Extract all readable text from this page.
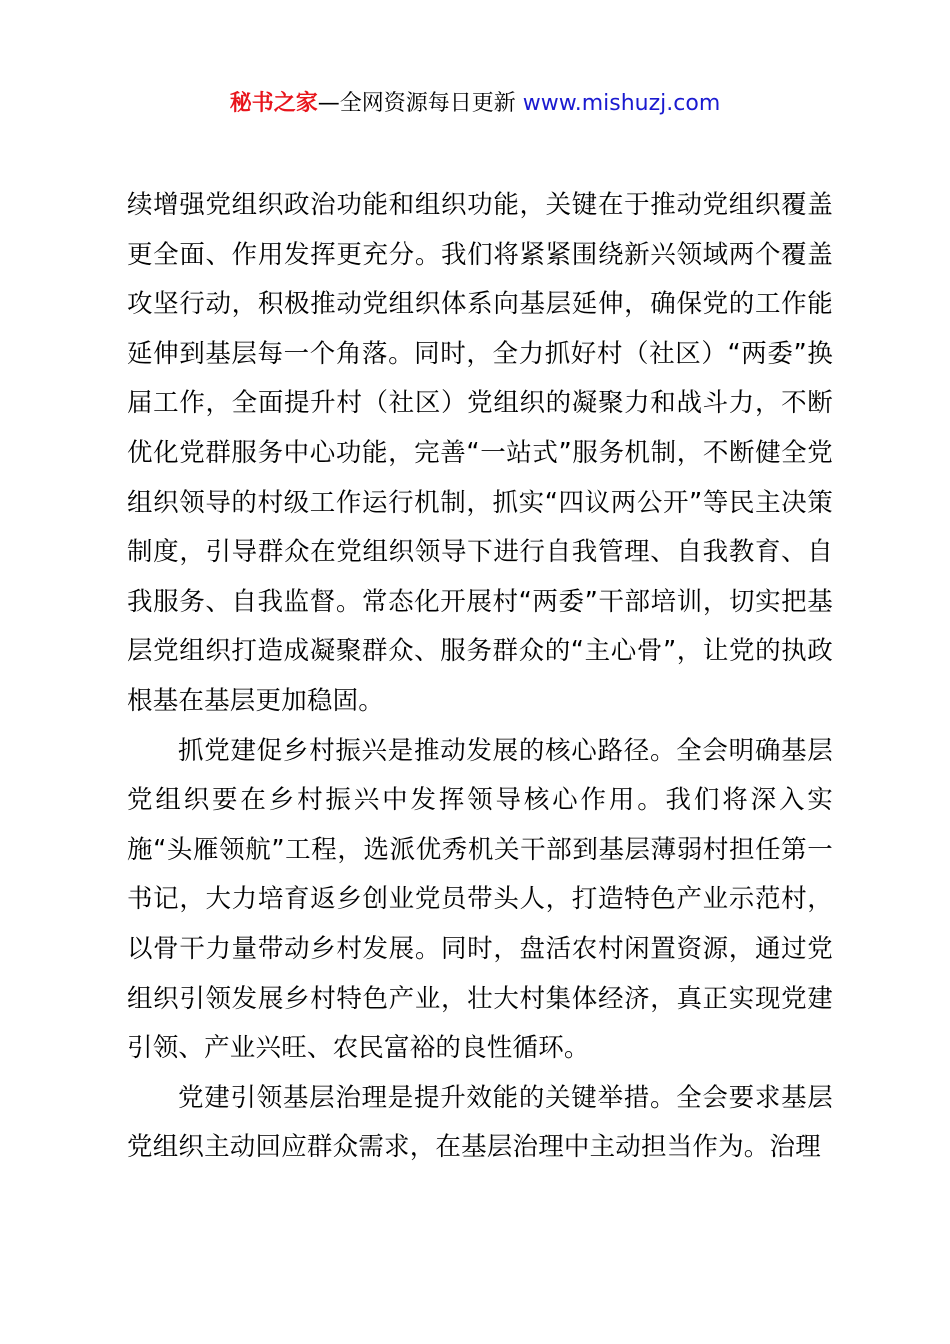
秘书之家—全网资源每日更新 www.mishuzj.com

续增强党组织政治功能和组织功能，关键在于推动党组织覆盖更全面、作用发挥更充分。我们将紧紧围绕新兴领域两个覆盖攻坚行动，积极推动党组织体系向基层延伸，确保党的工作能延伸到基层每一个角落。同时，全力抓好村（社区）“两委”换届工作，全面提升村（社区）党组织的凝聚力和战斗力，不断优化党群服务中心功能，完善“一站式”服务机制，不断健全党组织领导的村级工作运行机制，抓实“四议两公开”等民主决策制度，引导群众在党组织领导下进行自我管理、自我教育、自我服务、自我监督。常态化开展村“两委”干部培训，切实把基层党组织打造成凝聚群众、服务群众的“主心骨”，让党的执政根基在基层更加稳固。

抓党建促乡村振兴是推动发展的核心路径。全会明确基层党组织要在乡村振兴中发挥领导核心作用。我们将深入实施“头雁领航”工程，选派优秀机关干部到基层薄弱村担任第一书记，大力培育返乡创业党员带头人，打造特色产业示范村，以骨干力量带动乡村发展。同时，盘活农村闲置资源，通过党组织引领发展乡村特色产业，壮大村集体经济，真正实现党建引领、产业兴旺、农民富裕的良性循环。

党建引领基层治理是提升效能的关键举措。全会要求基层党组织主动回应群众需求，在基层治理中主动担当作为。治理
